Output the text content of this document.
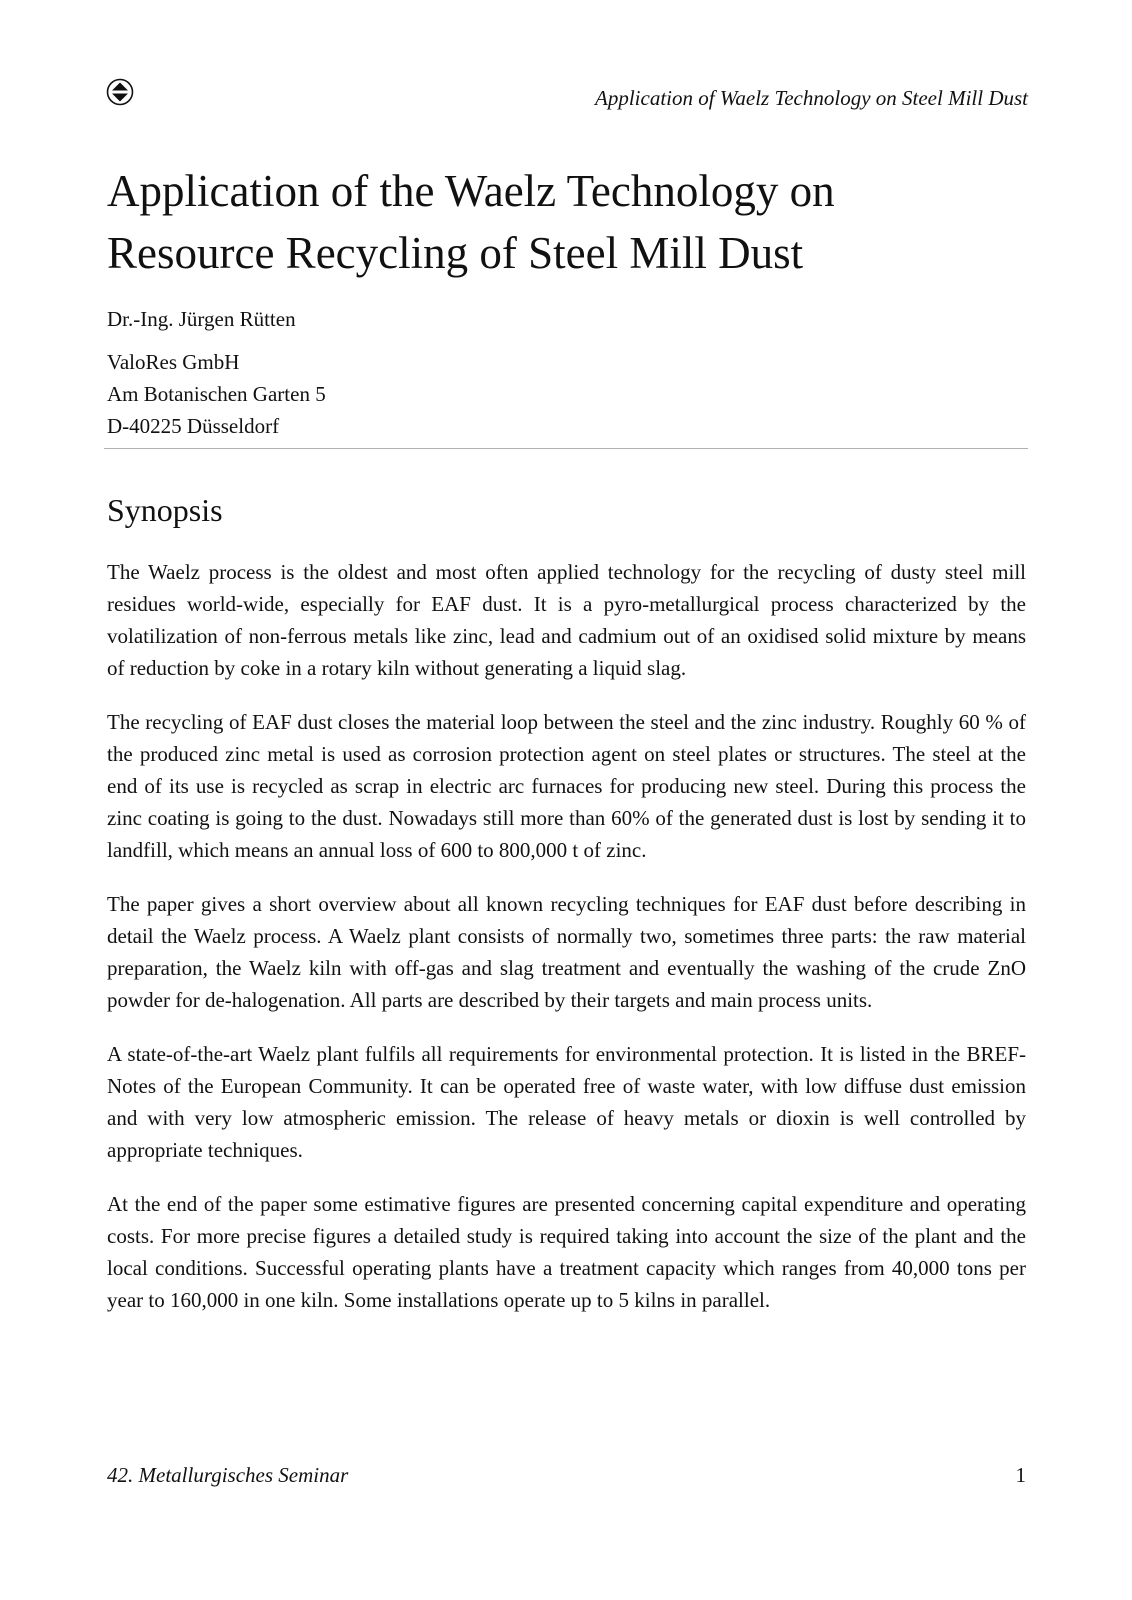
Application of Waelz Technology on Steel Mill Dust
Application of the Waelz Technology on
Resource Recycling of Steel Mill Dust
Dr.-Ing. Jürgen Rütten
ValoRes GmbH
Am Botanischen Garten 5
D-40225 Düsseldorf
Synopsis

The Waelz process is the oldest and most often applied technology for the recycling of dusty steel mill residues world-wide, especially for EAF dust. It is a pyro-metallurgical process characterized by the volatilization of non-ferrous metals like zinc, lead and cadmium out of an oxidised solid mixture by means of reduction by coke in a rotary kiln without generating a liquid slag.

The recycling of EAF dust closes the material loop between the steel and the zinc industry. Roughly 60 % of the produced zinc metal is used as corrosion protection agent on steel plates or structures. The steel at the end of its use is recycled as scrap in electric arc furnaces for producing new steel. During this process the zinc coating is going to the dust. Nowadays still more than 60% of the generated dust is lost by sending it to landfill, which means an annual loss of 600 to 800,000 t of zinc.

The paper gives a short overview about all known recycling techniques for EAF dust before describing in detail the Waelz process. A Waelz plant consists of normally two, sometimes three parts: the raw material preparation, the Waelz kiln with off-gas and slag treatment and eventually the washing of the crude ZnO powder for de-halogenation. All parts are described by their targets and main process units.

A state-of-the-art Waelz plant fulfils all requirements for environmental protection. It is listed in the BREF-Notes of the European Community. It can be operated free of waste water, with low diffuse dust emission and with very low atmospheric emission. The release of heavy metals or dioxin is well controlled by appropriate techniques.

At the end of the paper some estimative figures are presented concerning capital expenditure and operating costs. For more precise figures a detailed study is required taking into account the size of the plant and the local conditions. Successful operating plants have a treatment capacity which ranges from 40,000 tons per year to 160,000 in one kiln. Some installations operate up to 5 kilns in parallel.

42. Metallurgisches Seminar	1
